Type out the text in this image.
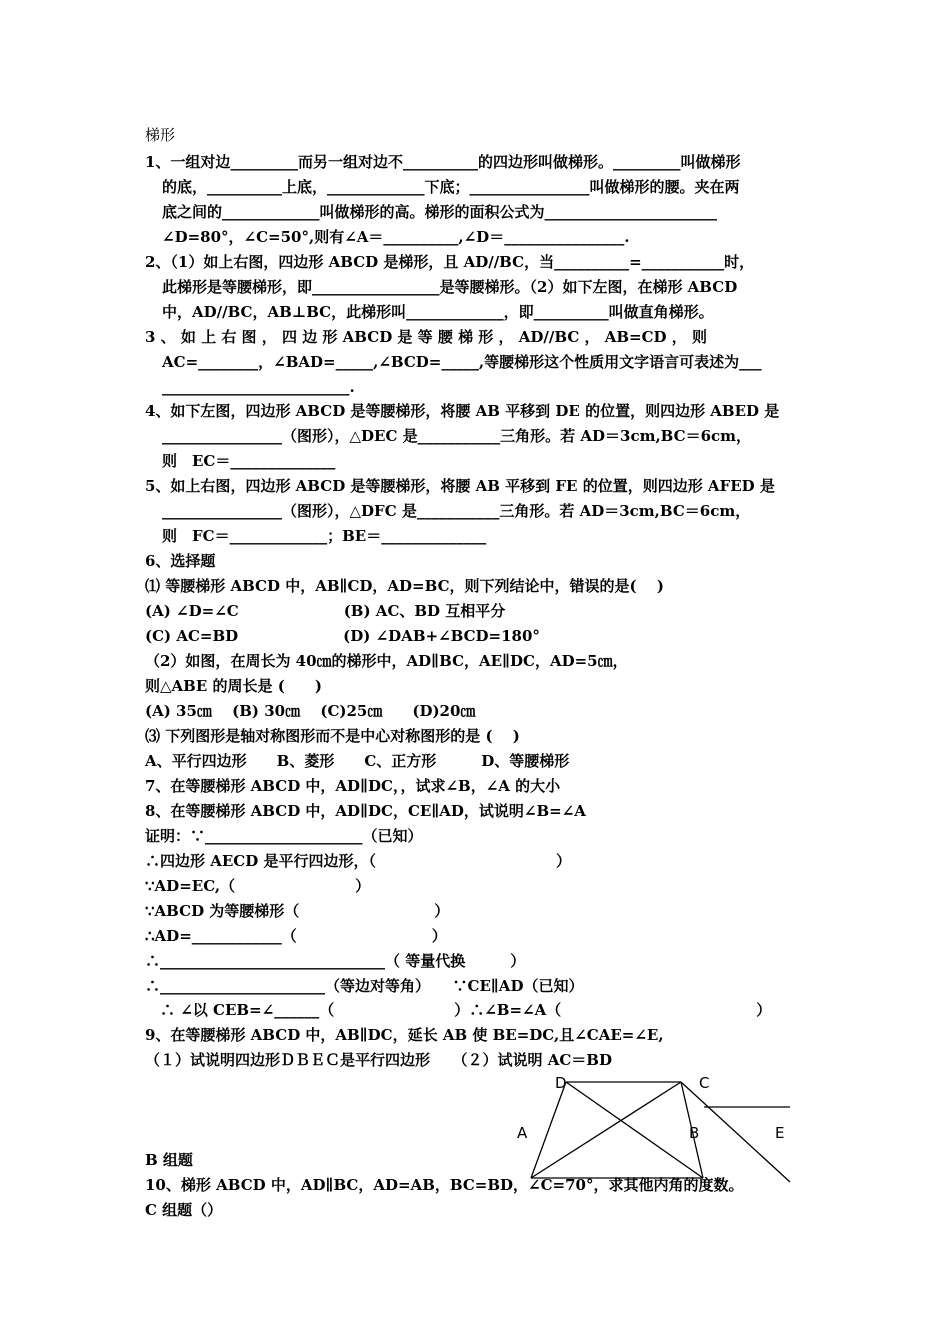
梯形
1、一组对边_________而另一组对边不__________的四边形叫做梯形。_________叫做梯形
的底，__________上底，_____________下底；________________叫做梯形的腰。夹在两
底之间的_____________叫做梯形的高。梯形的面积公式为_______________________
∠D=80°，∠C=50°,则有∠A＝__________,∠D＝________________.
2、（1）如上右图，四边形 ABCD 是梯形，且 AD//BC，当__________=___________时，
此梯形是等腰梯形，即_________________是等腰梯形。（2）如下左图，在梯形 ABCD
中，AD//BC，AB⊥BC，此梯形叫_____________，即__________叫做直角梯形。
3 、 如 上 右 图 ， 四 边 形 ABCD 是 等 腰 梯 形 ， AD//BC ， AB=CD ， 则
AC=________，∠BAD=_____,∠BCD=_____,等腰梯形这个性质用文字语言可表述为___
_________________________.
4、如下左图，四边形 ABCD 是等腰梯形，将腰 AB 平移到 DE 的位置，则四边形 ABED 是
________________（图形），△DEC 是___________三角形。若 AD＝3cm,BC＝6cm，
则　EC＝______________
5、如上右图，四边形 ABCD 是等腰梯形，将腰 AB 平移到 FE 的位置，则四边形 AFED 是
________________（图形），△DFC 是___________三角形。若 AD＝3cm,BC＝6cm，
则　FC＝_____________；BE＝______________
6、选择题
⑴ 等腰梯形 ABCD 中，AB∥CD，AD=BC，则下列结论中，错误的是(　 )
(A) ∠D=∠C　　　　　　　(B) AC、BD 互相平分
(C) AC=BD　　　　　　　(D) ∠DAB+∠BCD=180°
（2）如图，在周长为 40㎝的梯形中，AD∥BC，AE∥DC，AD=5㎝，
则△ABE 的周长是 (　　)
(A) 35㎝　 (B) 30㎝　 (C)25㎝　　(D)20㎝
⑶ 下列图形是轴对称图形而不是中心对称图形的是 (　 )
A、平行四边形　　B、菱形　　C、正方形　　　D、等腰梯形
7、在等腰梯形 ABCD 中，AD∥DC，，试求∠B，∠A 的大小
8、在等腰梯形 ABCD 中，AD∥DC，CE∥AD，试说明∠B=∠A
证明：∵_____________________（已知）
∴四边形 AECD 是平行四边形，（　　　　　　　　　　　　）
∵AD=EC,（　　　　　　　　）
∵ABCD 为等腰梯形（　　　　　　　　　）
∴AD=____________（　　　　　　　　　）
∴______________________________（ 等量代换　　　）
∴______________________（等边对等角）　　∵CE∥AD（已知）
　∴ ∠以 CEB=∠______（　　　　　　　　）∴∠B=∠A（　　　　　　　　　　　　　）
9、在等腰梯形 ABCD 中，AB∥DC，延长 AB 使 BE=DC,且∠CAE=∠E,
（１）试说明四边形ＤＢＥＣ是平行四边形　　（２）试说明 AC＝BD
B 组题
10、梯形 ABCD 中，AD∥BC，AD=AB，BC=BD，∠C=70°，求其他内角的度数。
C 组题（）
D	C
A	B	E
